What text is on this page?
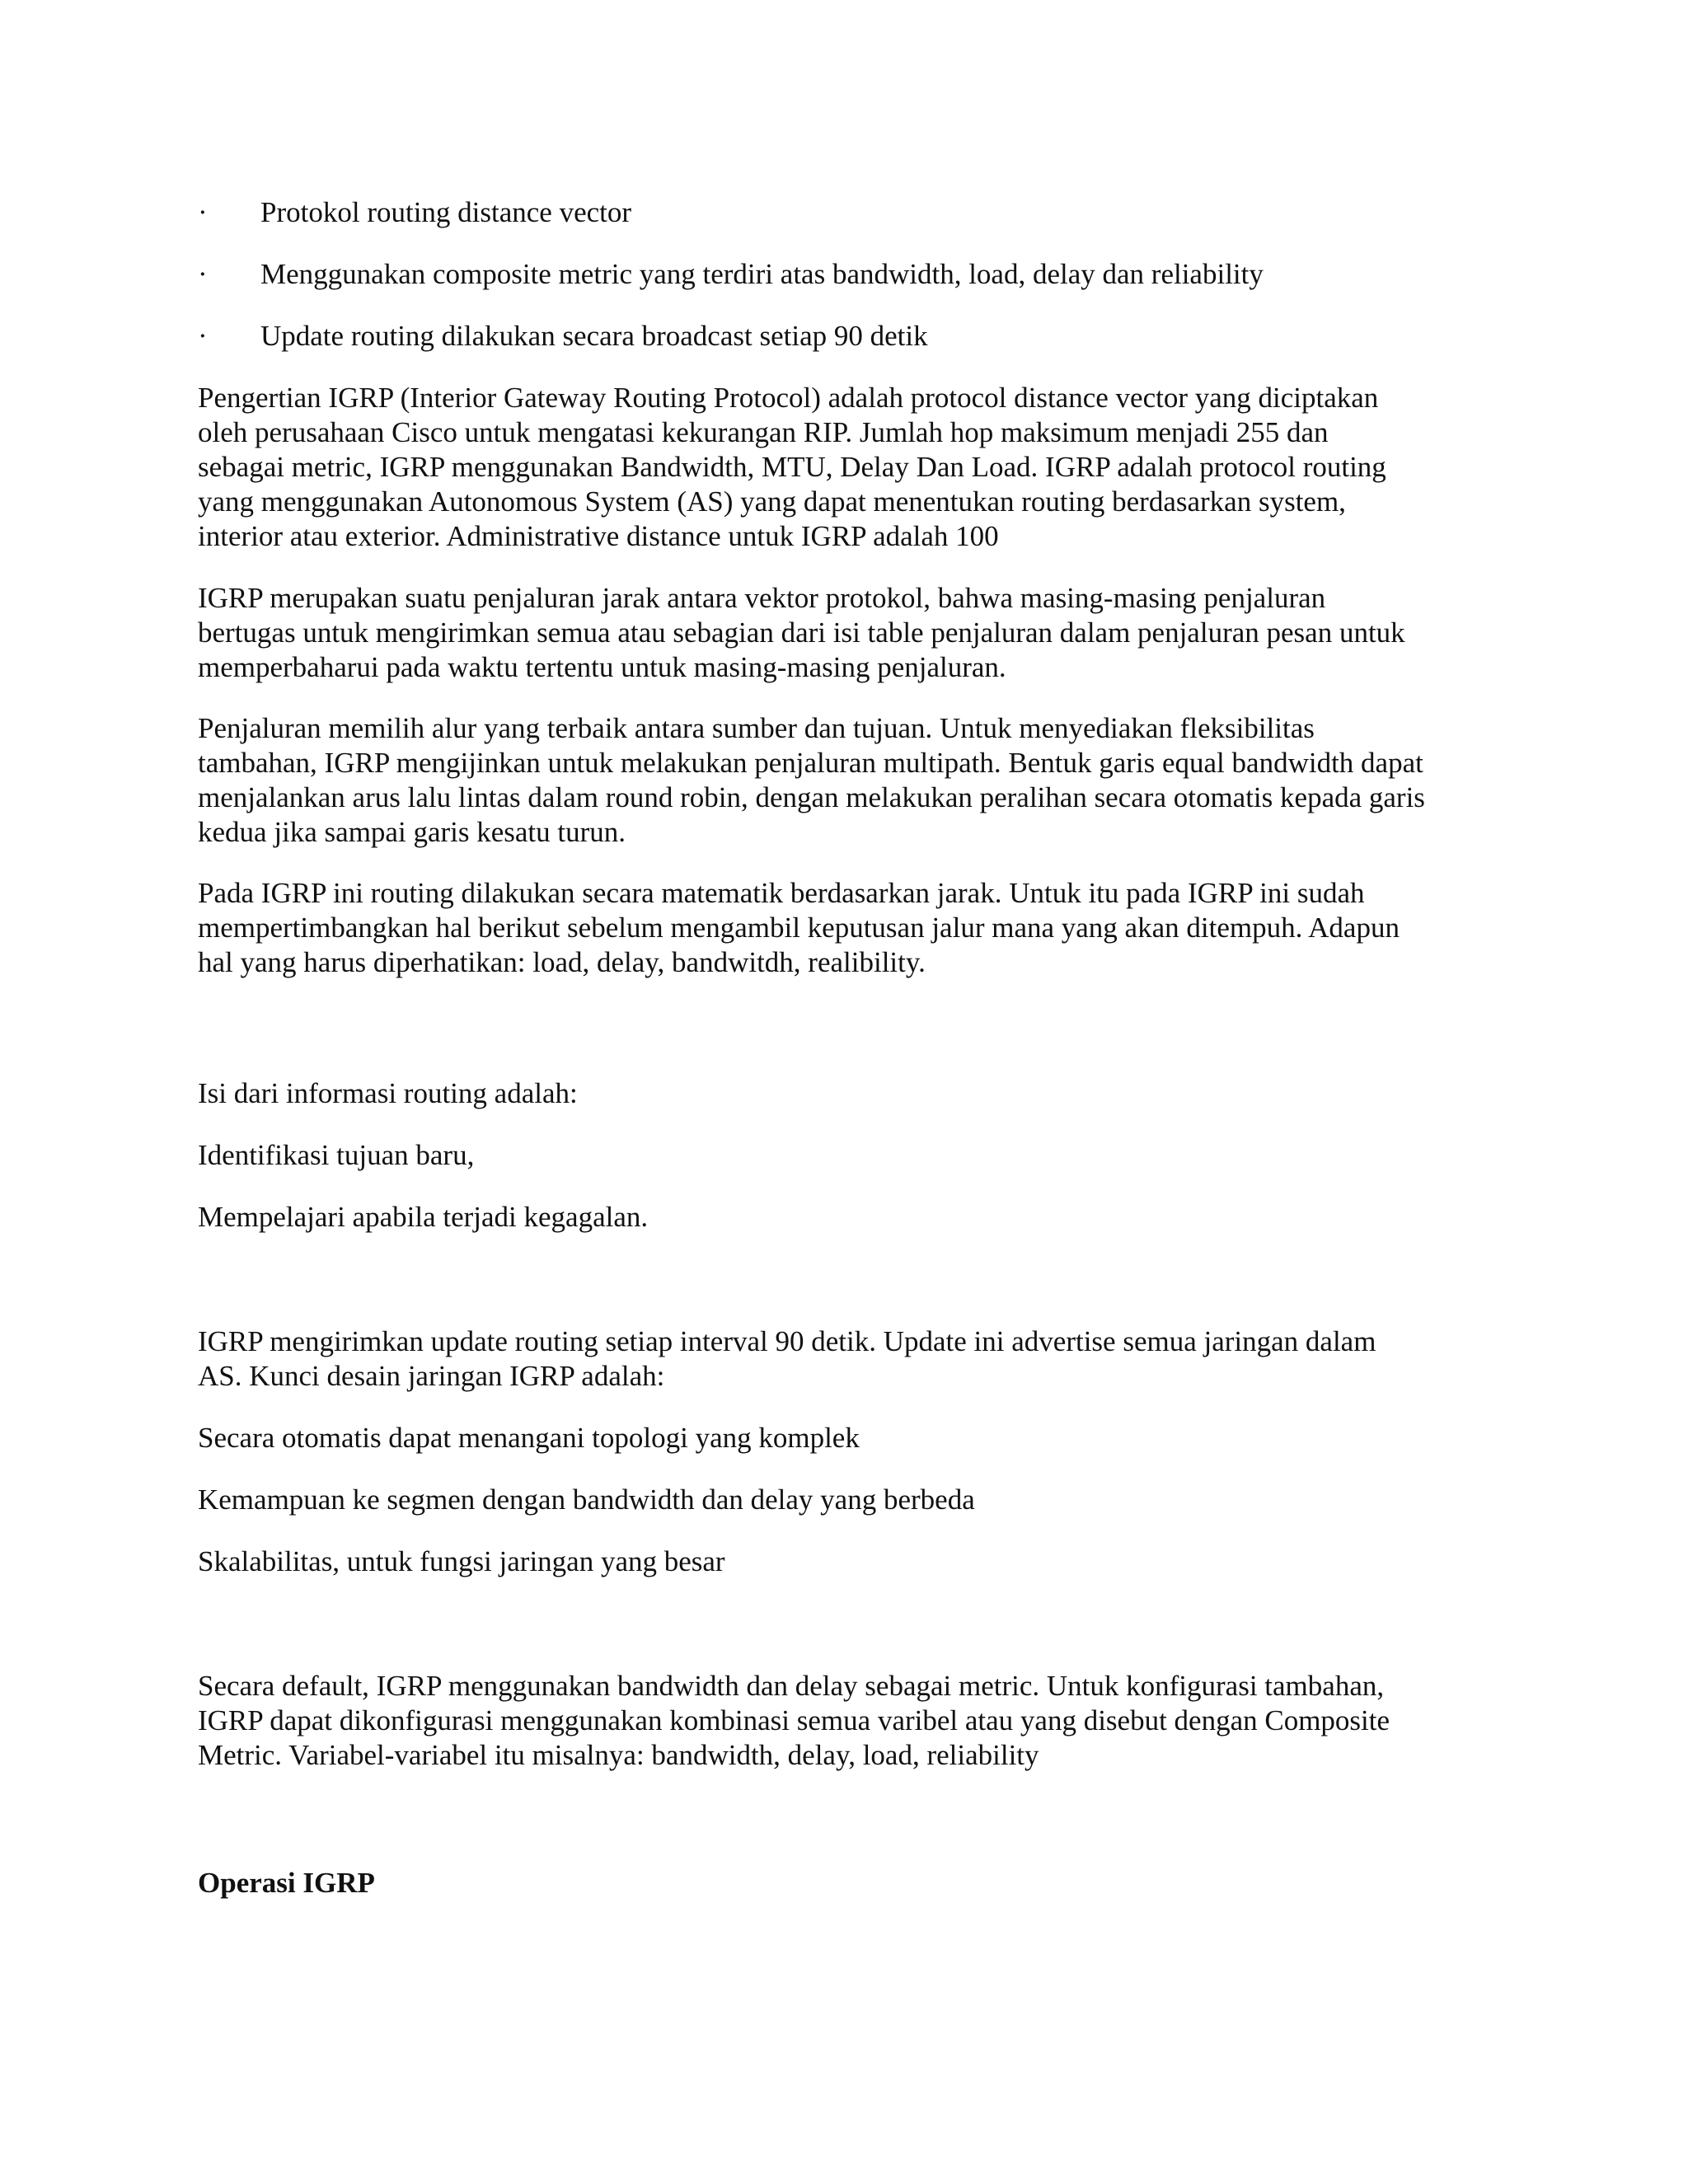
· Protokol routing distance vector
· Menggunakan composite metric yang terdiri atas bandwidth, load, delay dan reliability
· Update routing dilakukan secara broadcast setiap 90 detik

Pengertian IGRP (Interior Gateway Routing Protocol) adalah protocol distance vector yang diciptakan
oleh perusahaan Cisco untuk mengatasi kekurangan RIP. Jumlah hop maksimum menjadi 255 dan
sebagai metric, IGRP menggunakan Bandwidth, MTU, Delay Dan Load. IGRP adalah protocol routing
yang menggunakan Autonomous System (AS) yang dapat menentukan routing berdasarkan system,
interior atau exterior. Administrative distance untuk IGRP adalah 100

IGRP merupakan suatu penjaluran jarak antara vektor protokol, bahwa masing-masing penjaluran
bertugas untuk mengirimkan semua atau sebagian dari isi table penjaluran dalam penjaluran pesan untuk
memperbaharui pada waktu tertentu untuk masing-masing penjaluran.

Penjaluran memilih alur yang terbaik antara sumber dan tujuan. Untuk menyediakan fleksibilitas
tambahan, IGRP mengijinkan untuk melakukan penjaluran multipath. Bentuk garis equal bandwidth dapat
menjalankan arus lalu lintas dalam round robin, dengan melakukan peralihan secara otomatis kepada garis
kedua jika sampai garis kesatu turun.

Pada IGRP ini routing dilakukan secara matematik berdasarkan jarak. Untuk itu pada IGRP ini sudah
mempertimbangkan hal berikut sebelum mengambil keputusan jalur mana yang akan ditempuh. Adapun
hal yang harus diperhatikan: load, delay, bandwitdh, realibility.

Isi dari informasi routing adalah:

Identifikasi tujuan baru,

Mempelajari apabila terjadi kegagalan.

IGRP mengirimkan update routing setiap interval 90 detik. Update ini advertise semua jaringan dalam
AS. Kunci desain jaringan IGRP adalah:

Secara otomatis dapat menangani topologi yang komplek

Kemampuan ke segmen dengan bandwidth dan delay yang berbeda

Skalabilitas, untuk fungsi jaringan yang besar

Secara default, IGRP menggunakan bandwidth dan delay sebagai metric. Untuk konfigurasi tambahan,
IGRP dapat dikonfigurasi menggunakan kombinasi semua varibel atau yang disebut dengan Composite
Metric. Variabel-variabel itu misalnya: bandwidth, delay, load, reliability

Operasi IGRP
